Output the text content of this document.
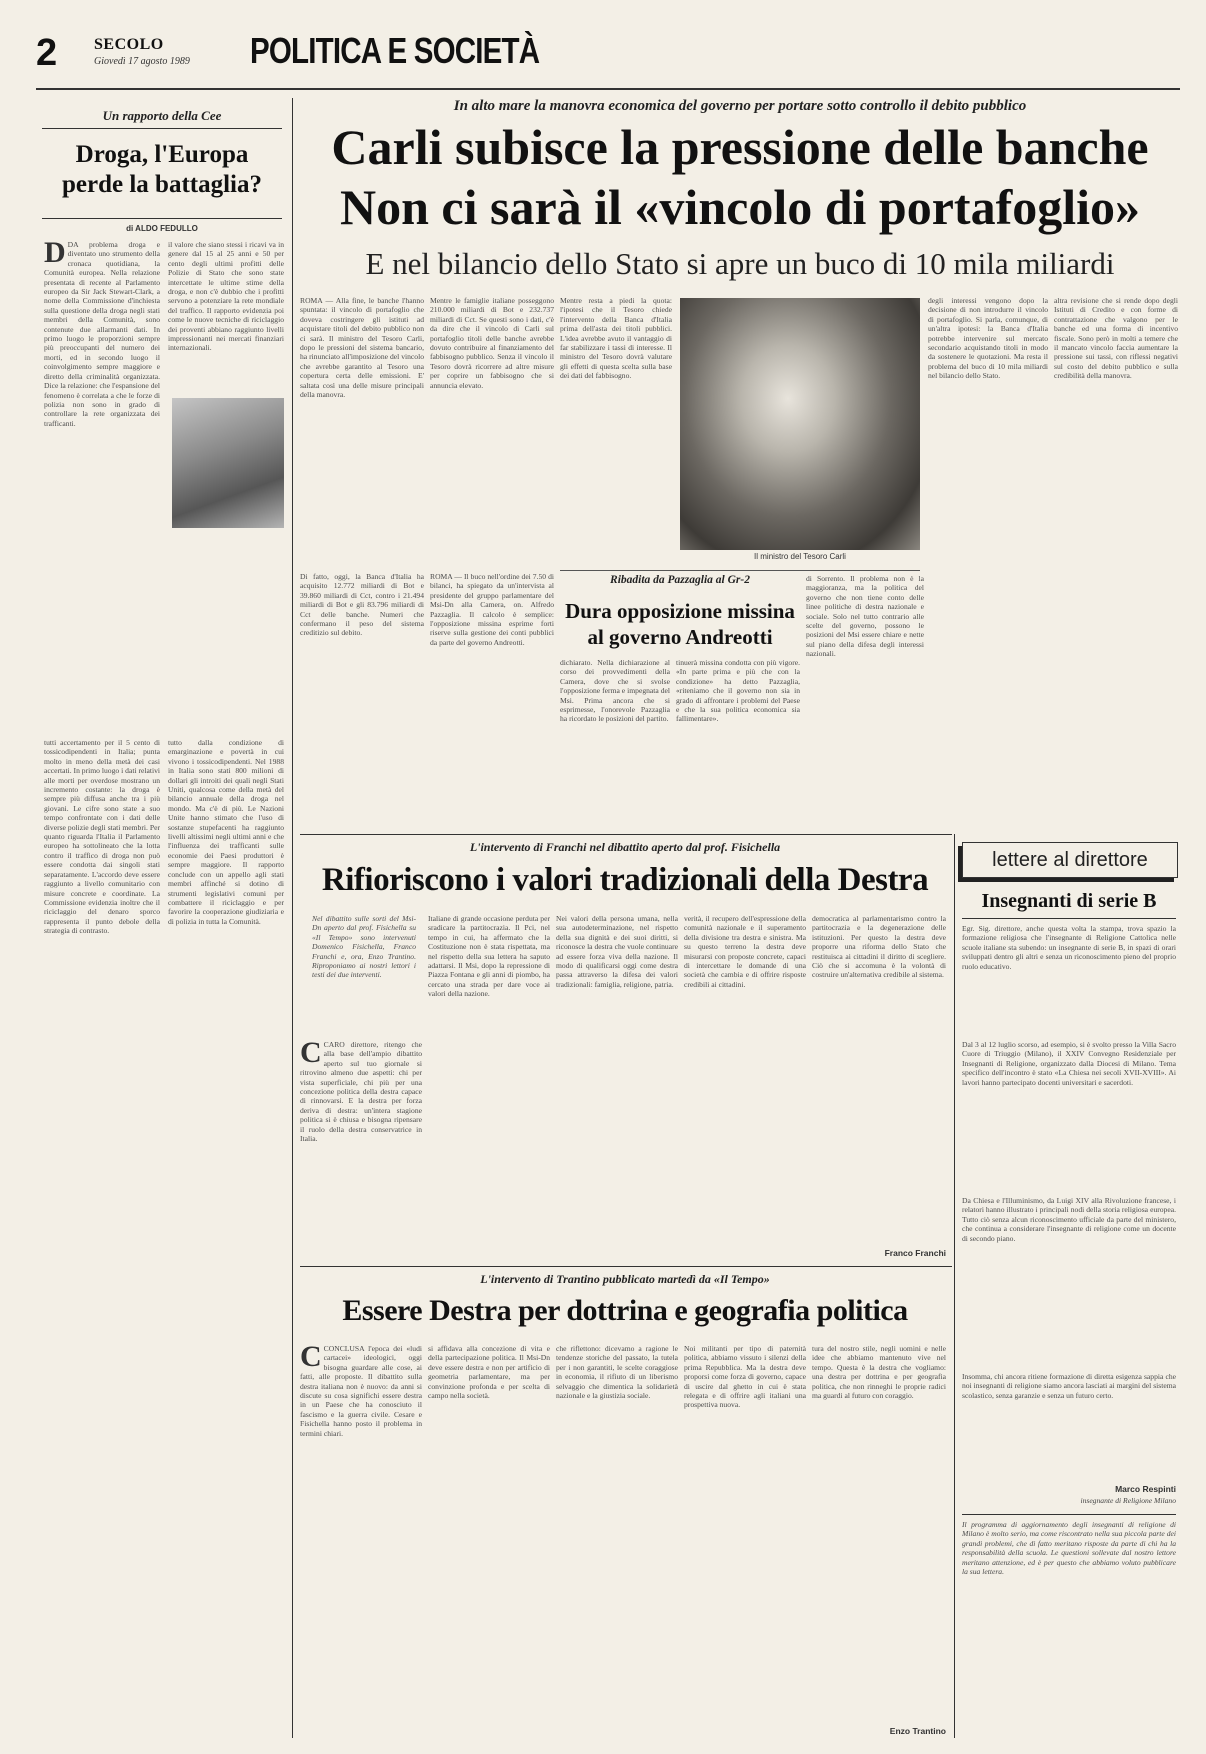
2 SECOLO
Giovedì 17 agosto 1989 POLITICA E SOCIETÀ
Un rapporto della Cee
Droga, l'Europa perde la battaglia?
di ALDO FEDULLO
DDA problema droga e diventato uno strumento della cronaca quotidiana, la Comunità europea. Nella relazione presentata di recente al Parlamento europeo da Sir Jack Stewart-Clark, a nome della Commissione d'inchiesta sulla questione della droga negli stati membri della Comunità, sono contenute due allarmanti dati. In primo luogo le proporzioni sempre più preoccupanti del numero dei morti, ed in secondo luogo il coinvolgimento sempre maggiore e diretto della criminalità organizzata. Dice la relazione: che l'espansione del fenomeno è correlata a che le forze di polizia non sono in grado di controllare la rete organizzata dei trafficanti.
il valore che siano stessi i ricavi va in genere dal 15 al 25 anni e 50 per cento degli ultimi profitti delle Polizie di Stato che sono state intercettate le ultime stime della droga, e non c'è dubbio che i profitti servono a potenziare la rete mondiale del traffico. Il rapporto evidenzia poi come le nuove tecniche di riciclaggio dei proventi abbiano raggiunto livelli impressionanti nei mercati finanziari internazionali.
tutti accertamento per il 5 cento di tossicodipendenti in Italia; punta molto in meno della metà dei casi accertati. In primo luogo i dati relativi alle morti per overdose mostrano un incremento costante: la droga è sempre più diffusa anche tra i più giovani. Le cifre sono state a suo tempo confrontate con i dati delle diverse polizie degli stati membri. Per quanto riguarda l'Italia il Parlamento europeo ha sottolineato che la lotta contro il traffico di droga non può essere condotta dai singoli stati separatamente. L'accordo deve essere raggiunto a livello comunitario con misure concrete e coordinate. La Commissione evidenzia inoltre che il riciclaggio del denaro sporco rappresenta il punto debole della strategia di contrasto.
tutto dalla condizione di emarginazione e povertà in cui vivono i tossicodipendenti. Nel 1988 in Italia sono stati 800 milioni di dollari gli introiti dei quali negli Stati Uniti, qualcosa come della metà del bilancio annuale della droga nel mondo. Ma c'è di più. Le Nazioni Unite hanno stimato che l'uso di sostanze stupefacenti ha raggiunto livelli altissimi negli ultimi anni e che l'influenza dei trafficanti sulle economie dei Paesi produttori è sempre maggiore. Il rapporto conclude con un appello agli stati membri affinché si dotino di strumenti legislativi comuni per combattere il riciclaggio e per favorire la cooperazione giudiziaria e di polizia in tutta la Comunità.
In alto mare la manovra economica del governo per portare sotto controllo il debito pubblico
Carli subisce la pressione delle banche
Non ci sarà il «vincolo di portafoglio»
E nel bilancio dello Stato si apre un buco di 10 mila miliardi
ROMA — Alla fine, le banche l'hanno spuntata: il vincolo di portafoglio che doveva costringere gli istituti ad acquistare titoli del debito pubblico non ci sarà. Il ministro del Tesoro Carli, dopo le pressioni del sistema bancario, ha rinunciato all'imposizione del vincolo che avrebbe garantito al Tesoro una copertura certa delle emissioni. E' saltata così una delle misure principali della manovra.
Mentre le famiglie italiane posseggono 210.000 miliardi di Bot e 232.737 miliardi di Cct. Se questi sono i dati, c'è da dire che il vincolo di Carli sul portafoglio titoli delle banche avrebbe dovuto contribuire al finanziamento del fabbisogno pubblico. Senza il vincolo il Tesoro dovrà ricorrere ad altre misure per coprire un fabbisogno che si annuncia elevato.
Mentre resta a piedi la quota: l'ipotesi che il Tesoro chiede l'intervento della Banca d'Italia prima dell'asta dei titoli pubblici. L'idea avrebbe avuto il vantaggio di far stabilizzare i tassi di interesse. Il ministro del Tesoro dovrà valutare gli effetti di questa scelta sulla base dei dati del fabbisogno.
Il ministro del Tesoro Carli
degli interessi vengono dopo la decisione di non introdurre il vincolo di portafoglio. Si parla, comunque, di un'altra ipotesi: la Banca d'Italia potrebbe intervenire sul mercato secondario acquistando titoli in modo da sostenere le quotazioni. Ma resta il problema del buco di 10 mila miliardi nel bilancio dello Stato.
altra revisione che si rende dopo degli Istituti di Credito e con forme di contrattazione che valgono per le banche ed una forma di incentivo fiscale. Sono però in molti a temere che il mancato vincolo faccia aumentare la pressione sui tassi, con riflessi negativi sul costo del debito pubblico e sulla credibilità della manovra.
ROMA — Il buco nell'ordine dei 7.50 di bilanci, ha spiegato da un'intervista al presidente del gruppo parlamentare del Msi-Dn alla Camera, on. Alfredo Pazzaglia. Il calcolo è semplice: l'opposizione missina esprime forti riserve sulla gestione dei conti pubblici da parte del governo Andreotti.
Di fatto, oggi, la Banca d'Italia ha acquisito 12.772 miliardi di Bot e 39.860 miliardi di Cct, contro i 21.494 miliardi di Bot e gli 83.796 miliardi di Cct delle banche. Numeri che confermano il peso del sistema creditizio sul debito.
Ribadita da Pazzaglia al Gr-2
Dura opposizione missina al governo Andreotti
dichiarato. Nella dichiarazione al corso dei provvedimenti della Camera, dove che si svolse l'opposizione ferma e impegnata del Msi. Prima ancora che si esprimesse, l'onorevole Pazzaglia ha ricordato le posizioni del partito.
tinuerà missina condotta con più vigore. «In parte prima e più che con la condizione» ha detto Pazzaglia, «riteniamo che il governo non sia in grado di affrontare i problemi del Paese e che la sua politica economica sia fallimentare».
di Sorrento. Il problema non è la maggioranza, ma la politica del governo che non tiene conto delle linee politiche di destra nazionale e sociale. Solo nel tutto contrario alle scelte del governo, possono le posizioni del Msi essere chiare e nette sul piano della difesa degli interessi nazionali.
L'intervento di Franchi nel dibattito aperto dal prof. Fisichella
Rifioriscono i valori tradizionali della Destra
Nel dibattito sulle sorti del Msi-Dn aperto dal prof. Fisichella su «Il Tempo» sono intervenuti Domenico Fisichella, Franco Franchi e, ora, Enzo Trantino. Riproponiamo ai nostri lettori i testi dei due interventi.
CCARO direttore, ritengo che alla base dell'ampio dibattito aperto sul tuo giornale si ritrovino almeno due aspetti: chi per vista superficiale, chi più per una concezione politica della destra capace di rinnovarsi. E la destra per forza deriva di destra: un'intera stagione politica si è chiusa e bisogna ripensare il ruolo della destra conservatrice in Italia.
Italiane di grande occasione perduta per sradicare la partitocrazia. Il Pci, nel tempo in cui, ha affermato che la Costituzione non è stata rispettata, ma nel rispetto della sua lettera ha saputo adattarsi. Il Msi, dopo la repressione di Piazza Fontana e gli anni di piombo, ha cercato una strada per dare voce ai valori della nazione.
Nei valori della persona umana, nella sua autodeterminazione, nel rispetto della sua dignità e dei suoi diritti, si riconosce la destra che vuole continuare ad essere forza viva della nazione. Il modo di qualificarsi oggi come destra passa attraverso la difesa dei valori tradizionali: famiglia, religione, patria.
verità, il recupero dell'espressione della comunità nazionale e il superamento della divisione tra destra e sinistra. Ma su questo terreno la destra deve misurarsi con proposte concrete, capaci di intercettare le domande di una società che cambia e di offrire risposte credibili ai cittadini.
democratica al parlamentarismo contro la partitocrazia e la degenerazione delle istituzioni. Per questo la destra deve proporre una riforma dello Stato che restituisca ai cittadini il diritto di scegliere. Ciò che si accomuna è la volontà di costruire un'alternativa credibile al sistema.
Franco Franchi
L'intervento di Trantino pubblicato martedì da «Il Tempo»
Essere Destra per dottrina e geografia politica
CCONCLUSA l'epoca dei «ludi cartacei» ideologici, oggi bisogna guardare alle cose, ai fatti, alle proposte. Il dibattito sulla destra italiana non è nuovo: da anni si discute su cosa significhi essere destra in un Paese che ha conosciuto il fascismo e la guerra civile. Cesare e Fisichella hanno posto il problema in termini chiari.
si affidava alla concezione di vita e della partecipazione politica. Il Msi-Dn deve essere destra e non per artificio di geometria parlamentare, ma per convinzione profonda e per scelta di campo nella società.
che riflettono: dicevamo a ragione le tendenze storiche del passato, la tutela per i non garantiti, le scelte coraggiose in economia, il rifiuto di un liberismo selvaggio che dimentica la solidarietà nazionale e la giustizia sociale.
Noi militanti per tipo di paternità politica, abbiamo vissuto i silenzi della prima Repubblica. Ma la destra deve proporsi come forza di governo, capace di uscire dal ghetto in cui è stata relegata e di offrire agli italiani una prospettiva nuova.
tura del nostro stile, negli uomini e nelle idee che abbiamo mantenuto vive nel tempo. Questa è la destra che vogliamo: una destra per dottrina e per geografia politica, che non rinneghi le proprie radici ma guardi al futuro con coraggio.
Enzo Trantino
lettere al direttore
Insegnanti di serie B
Egr. Sig. direttore, anche questa volta la stampa, trova spazio la formazione religiosa che l'insegnante di Religione Cattolica nelle scuole italiane sta subendo: un insegnante di serie B, in spazi di orari sviluppati dentro gli altri e senza un riconoscimento pieno del proprio ruolo educativo.
Dal 3 al 12 luglio scorso, ad esempio, si è svolto presso la Villa Sacro Cuore di Triuggio (Milano), il XXIV Convegno Residenziale per Insegnanti di Religione, organizzato dalla Diocesi di Milano. Tema specifico dell'incontro è stato «La Chiesa nei secoli XVII-XVIII». Ai lavori hanno partecipato docenti universitari e sacerdoti.
Da Chiesa e l'Illuminismo, da Luigi XIV alla Rivoluzione francese, i relatori hanno illustrato i principali nodi della storia religiosa europea. Tutto ciò senza alcun riconoscimento ufficiale da parte del ministero, che continua a considerare l'insegnante di religione come un docente di secondo piano.
Insomma, chi ancora ritiene formazione di diretta esigenza sappia che noi insegnanti di religione siamo ancora lasciati ai margini del sistema scolastico, senza garanzie e senza un futuro certo.
Marco Respinti
insegnante di Religione Milano
Il programma di aggiornamento degli insegnanti di religione di Milano è molto serio, ma come riscontrato nella sua piccola parte dei grandi problemi, che di fatto meritano risposte da parte di chi ha la responsabilità della scuola. Le questioni sollevate dal nostro lettore meritano attenzione, ed è per questo che abbiamo voluto pubblicare la sua lettera.
